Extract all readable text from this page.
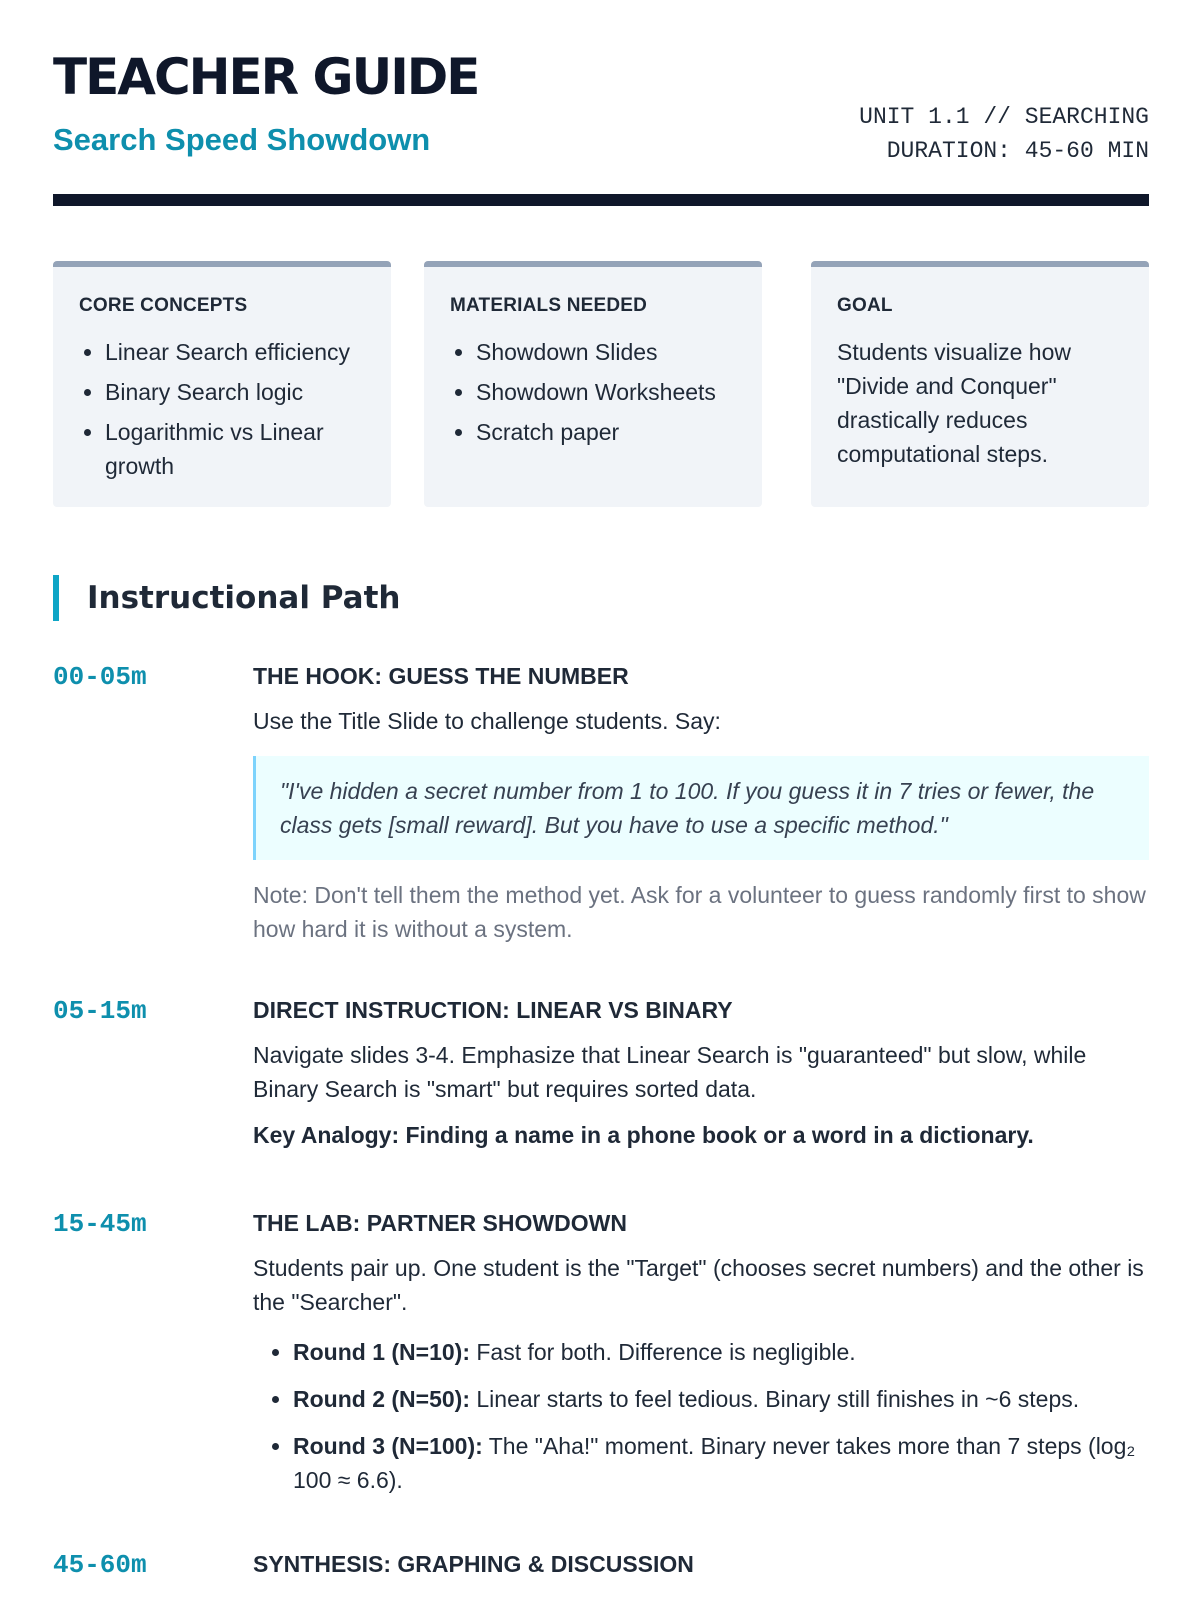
TEACHER GUIDE
Search Speed Showdown
UNIT 1.1 // SEARCHING
DURATION: 45-60 MIN
CORE CONCEPTS
• Linear Search efficiency
• Binary Search logic
• Logarithmic vs Linear growth
MATERIALS NEEDED
• Showdown Slides
• Showdown Worksheets
• Scratch paper
GOAL

Students visualize how "Divide and Conquer" drastically reduces computational steps.

Instructional Path
00-05m	THE HOOK: GUESS THE NUMBER
Use the Title Slide to challenge students. Say:
"I've hidden a secret number from 1 to 100. If you guess it in 7 tries or fewer, the class gets [small reward]. But you have to use a specific method."
Note: Don't tell them the method yet. Ask for a volunteer to guess randomly first to show how hard it is without a system.
05-15m	DIRECT INSTRUCTION: LINEAR VS BINARY
Navigate slides 3-4. Emphasize that Linear Search is "guaranteed" but slow, while Binary Search is "smart" but requires sorted data.
Key Analogy: Finding a name in a phone book or a word in a dictionary.
15-45m	THE LAB: PARTNER SHOWDOWN
Students pair up. One student is the "Target" (chooses secret numbers) and the other is the "Searcher".
• Round 1 (N=10): Fast for both. Difference is negligible.
• Round 2 (N=50): Linear starts to feel tedious. Binary still finishes in ~6 steps.
• Round 3 (N=100): The "Aha!" moment. Binary never takes more than 7 steps (log₂ 100 ≈ 6.6).
45-60m	SYNTHESIS: GRAPHING & DISCUSSION
